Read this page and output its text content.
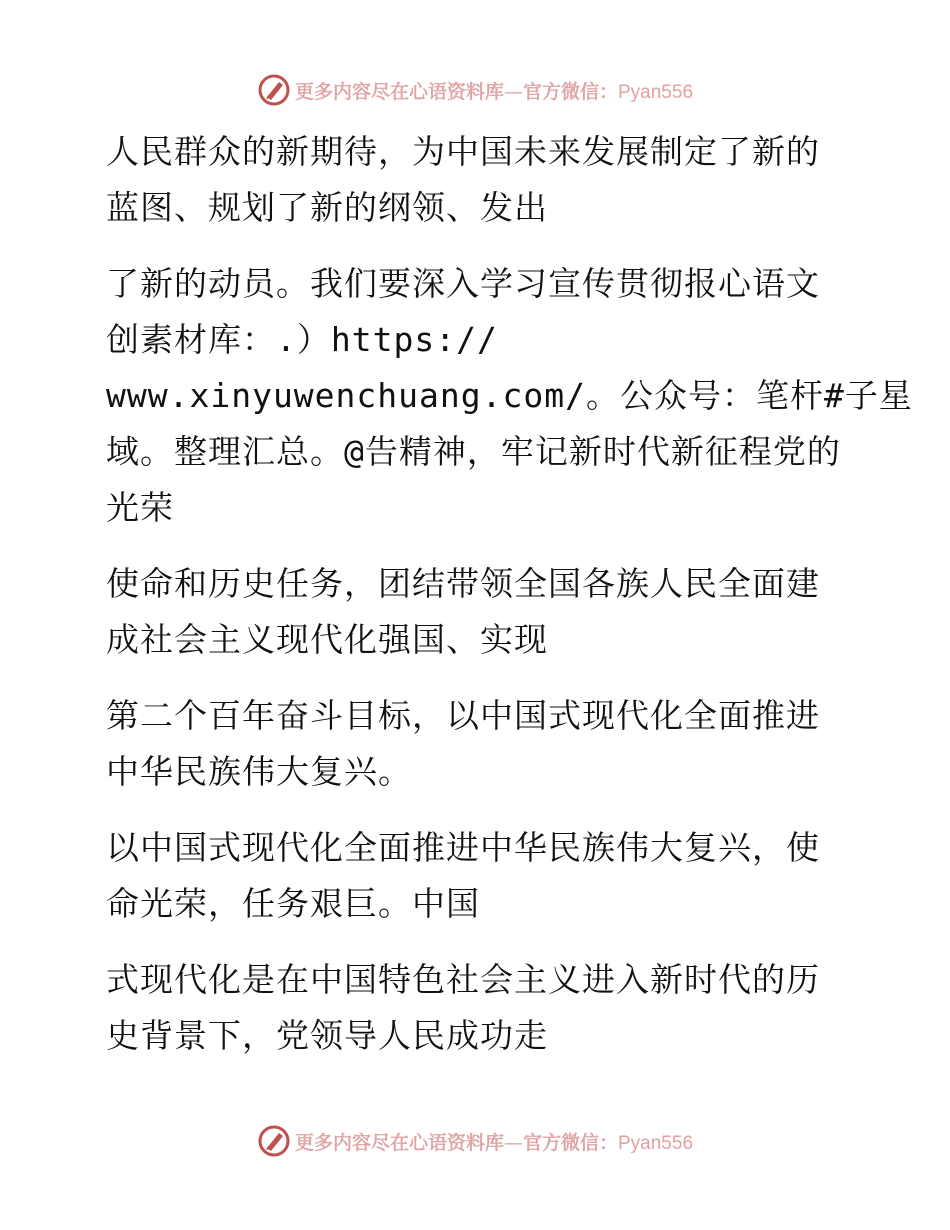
更多内容尽在心语资料库—官方微信：Pyan556
人民群众的新期待，为中国未来发展制定了新的
蓝图、规划了新的纲领、发出
了新的动员。我们要深入学习宣传贯彻报心语文
创素材库：.）https://
www.xinyuwenchuang.com/。公众号：笔杆#子星
域。整理汇总。@告精神，牢记新时代新征程党的
光荣
使命和历史任务，团结带领全国各族人民全面建
成社会主义现代化强国、实现
第二个百年奋斗目标，以中国式现代化全面推进
中华民族伟大复兴。
以中国式现代化全面推进中华民族伟大复兴，使
命光荣，任务艰巨。中国
式现代化是在中国特色社会主义进入新时代的历
史背景下，党领导人民成功走
更多内容尽在心语资料库—官方微信：Pyan556
